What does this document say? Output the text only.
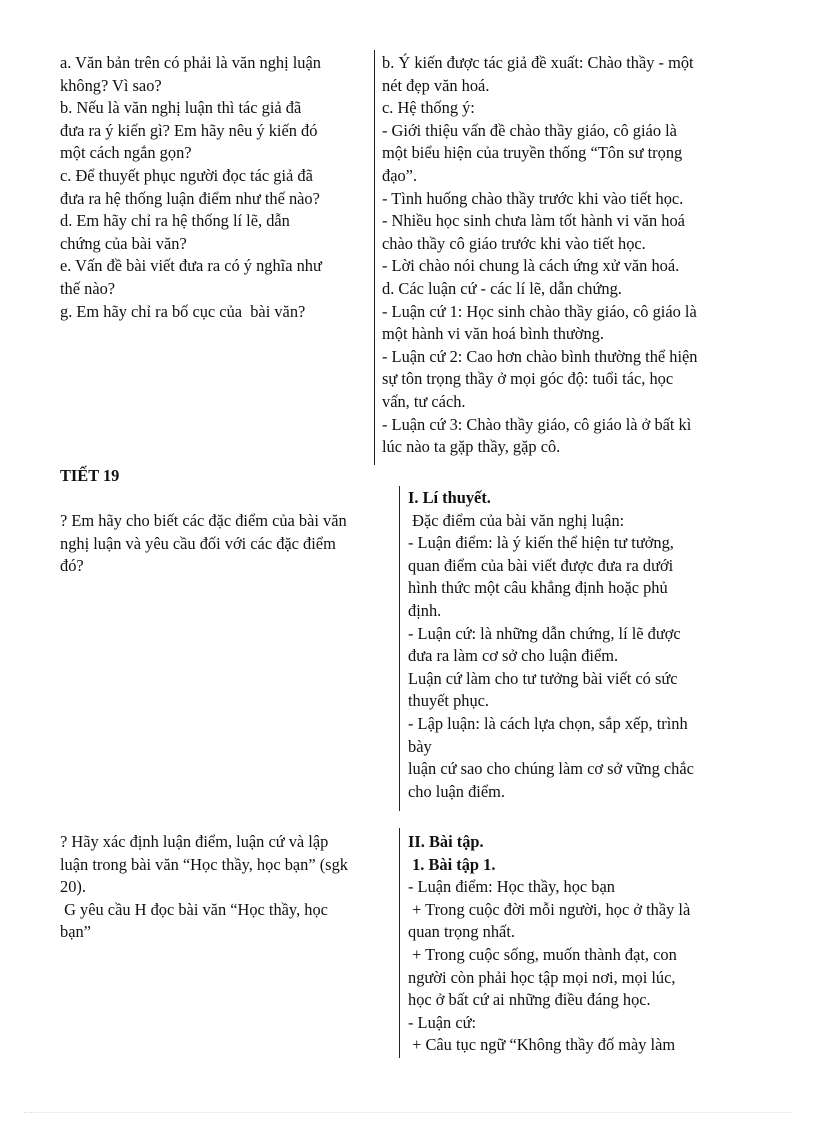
a. Văn bản trên có phải là văn nghị luận

không? Vì sao?

b. Nếu là văn nghị luận thì tác giả đã

đưa ra ý kiến gì? Em hãy nêu ý kiến đó

một cách ngắn gọn?

c. Để thuyết phục người đọc tác giả đã

đưa ra hệ thống luận điểm như thế nào?

d. Em hãy chỉ ra hệ thống lí lẽ, dẫn

chứng của bài văn?

e. Vấn đề bài viết đưa ra có ý nghĩa như

thế nào?

g. Em hãy chỉ ra bố cục của  bài văn?

b. Ý kiến được tác giả đề xuất: Chào thầy - một

nét đẹp văn hoá.

c. Hệ thống ý:

- Giới thiệu vấn đề chào thầy giáo, cô giáo là

một biểu hiện của truyền thống “Tôn sư trọng

đạo”.

- Tình huống chào thầy trước khi vào tiết học.

- Nhiều học sinh chưa làm tốt hành vi văn hoá

chào thầy cô giáo trước khi vào tiết học.

- Lời chào nói chung là cách ứng xử văn hoá.

d. Các luận cứ - các lí lẽ, dẫn chứng.

- Luận cứ 1: Học sinh chào thầy giáo, cô giáo là

một hành vi văn hoá bình thường.

- Luận cứ 2: Cao hơn chào bình thường thể hiện

sự tôn trọng thầy ở mọi góc độ: tuổi tác, học

vấn, tư cách.

- Luận cứ 3: Chào thầy giáo, cô giáo là ở bất kì

lúc nào ta gặp thầy, gặp cô.

TIẾT 19

? Em hãy cho biết các đặc điểm của bài văn

nghị luận và yêu cầu đối với các đặc điểm

đó?

I. Lí thuyết.

Đặc điểm của bài văn nghị luận:

- Luận điểm: là ý kiến thể hiện tư tưởng,

quan điểm của bài viết được đưa ra dưới

hình thức một câu khẳng định hoặc phủ

định.

- Luận cứ: là những dẫn chứng, lí lẽ được

đưa ra làm cơ sở cho luận điểm.

Luận cứ làm cho tư tưởng bài viết có sức

thuyết phục.

- Lập luận: là cách lựa chọn, sắp xếp, trình

bày

luận cứ sao cho chúng làm cơ sở vững chắc

cho luận điểm.

? Hãy xác định luận điểm, luận cứ và lập

luận trong bài văn “Học thầy, học bạn” (sgk

20).

G yêu cầu H đọc bài văn “Học thầy, học

bạn”

II. Bài tập.

1. Bài tập 1.

- Luận điểm: Học thầy, học bạn

+ Trong cuộc đời mỗi người, học ở thầy là

quan trọng nhất.

+ Trong cuộc sống, muốn thành đạt, con

người còn phải học tập mọi nơi, mọi lúc,

học ở bất cứ ai những điều đáng học.

- Luận cứ:

+ Câu tục ngữ “Không thầy đố mày làm
